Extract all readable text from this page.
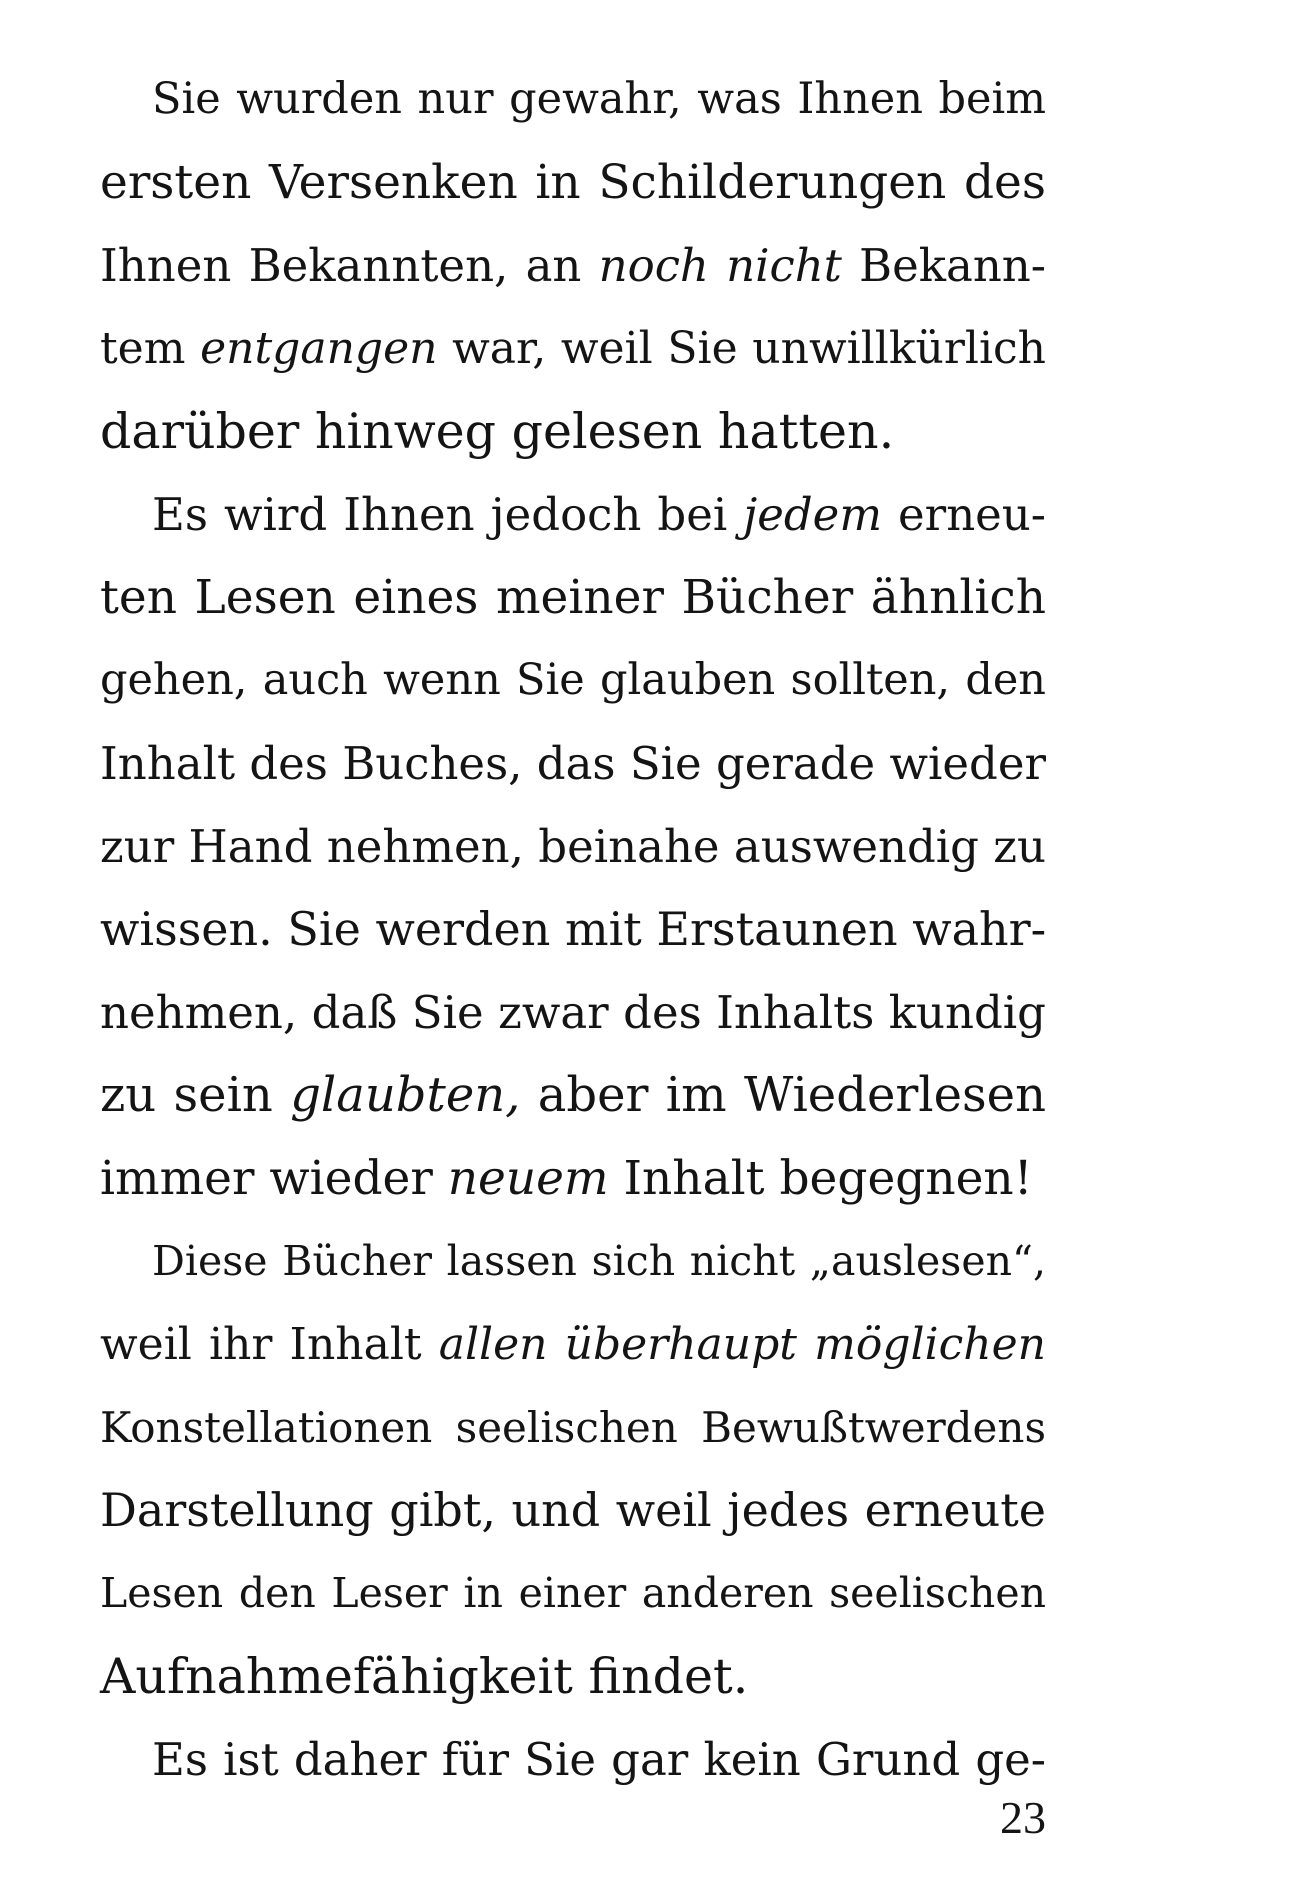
Sie wurden nur gewahr, was Ihnen beim
ersten Versenken in Schilderungen des
Ihnen Bekannten, an noch nicht Bekann-
tem entgangen war, weil Sie unwillkürlich
darüber hinweg gelesen hatten.
Es wird Ihnen jedoch bei jedem erneu-
ten Lesen eines meiner Bücher ähnlich
gehen, auch wenn Sie glauben sollten, den
Inhalt des Buches, das Sie gerade wieder
zur Hand nehmen, beinahe auswendig zu
wissen. Sie werden mit Erstaunen wahr-
nehmen, daß Sie zwar des Inhalts kundig
zu sein glaubten, aber im Wiederlesen
immer wieder neuem Inhalt begegnen!
Diese Bücher lassen sich nicht „auslesen“,
weil ihr Inhalt allen überhaupt möglichen
Konstellationen seelischen Bewußtwerdens
Darstellung gibt, und weil jedes erneute
Lesen den Leser in einer anderen seelischen
Aufnahmefähigkeit findet.
Es ist daher für Sie gar kein Grund ge-
23
